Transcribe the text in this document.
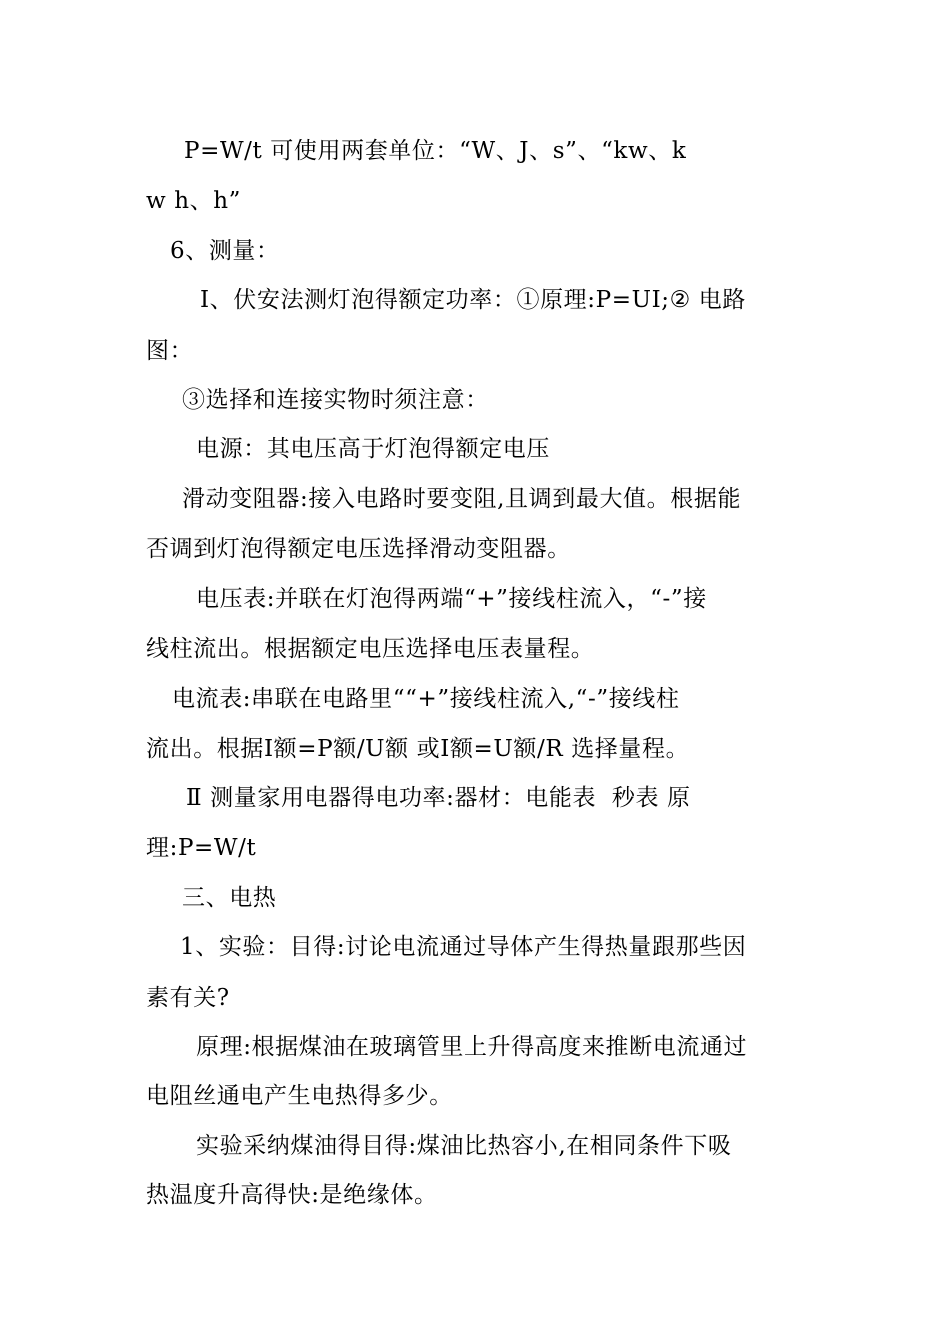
P=W/t 可使用两套单位：“W、J、s”、“kw、k
w h、h”
6、测量：
Ⅰ、伏安法测灯泡得额定功率：①原理:P=UI;② 电路
图：
③选择和连接实物时须注意：
电源：其电压高于灯泡得额定电压
滑动变阻器:接入电路时要变阻,且调到最大值。根据能
否调到灯泡得额定电压选择滑动变阻器。
电压表:并联在灯泡得两端“+”接线柱流入，“-”接
线柱流出。根据额定电压选择电压表量程。
电流表:串联在电路里““+”接线柱流入,“-”接线柱
流出。根据I额=P额/U额 或I额=U额/R 选择量程。
Ⅱ 测量家用电器得电功率:器材：电能表  秒表 原
理:P=W/t
三、电热
1、实验：目得:讨论电流通过导体产生得热量跟那些因
素有关?
原理:根据煤油在玻璃管里上升得高度来推断电流通过
电阻丝通电产生电热得多少。
实验采纳煤油得目得:煤油比热容小,在相同条件下吸
热温度升高得快:是绝缘体。
